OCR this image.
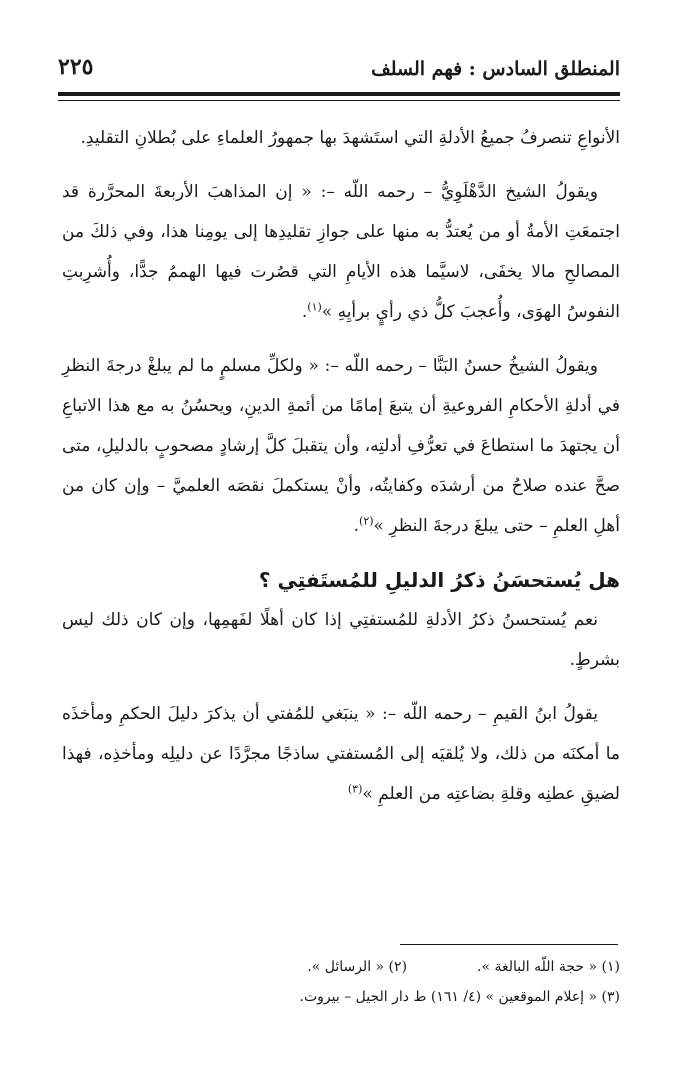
المنطلق السادس : فهم السلف
٢٢٥

الأنواعِ تنصرفُ جميعُ الأدلةِ التي استَشهدَ بها جمهورُ العلماءِ على بُطلانِ التقليدِ.

ويقولُ الشيخ الدَّهْلَوِيُّ – رحمه اللّه –: « إن المذاهبَ الأربعةَ المحرَّرة قد اجتمعَتِ الأمةُ أو من يُعتدُّ به منها على جوازِ تقليدِها إلى يومِنا هذا، وفي ذلكَ من المصالحِ مالا يخفَى، لاسيَّما هذه الأيامِ التي قصُرت فيها الهممُ جدًّا، وأُشرِبتِ النفوسُ الهوَى، وأُعجبَ كلُّ ذي رأيٍ برأيِهِ »$^{(١)}$.

ويقولُ الشيخُ حسنُ البَنَّا – رحمه اللّه –: « ولكلِّ مسلمٍ ما لم يبلغْ درجةَ النظرِ في أدلةِ الأحكامِ الفروعيةِ أن يتبعَ إمامًا من أئمةِ الدينِ، ويحسُنُ به مع هذا الاتباعِ أن يجتهدَ ما استطاعَ في تعرُّفِ أدلتِه، وأن يتقبلَ كلَّ إرشادٍ مصحوبٍ بالدليلِ، متى صحَّ عنده صلاحُ من أرشدَه وكفايتُه، وأنْ يستكملَ نقصَه العلميَّ – وإن كان من أهلِ العلمِ – حتى يبلغَ درجةَ النظرِ »$^{(٢)}$.

هل يُستحسَنُ ذكرُ الدليلِ للمُستَفتِي ؟

نعم يُستحسنُ ذكرُ الأدلةِ للمُستفتِي إذا كان أهلًا لفَهمِها، وإن كان ذلك ليس بشرطٍ.

يقولُ ابنُ القيمِ – رحمه اللّه –: « ينبَغي للمُفتي أن يذكرَ دليلَ الحكمِ ومأخذَه ما أمكنَه من ذلك، ولا يُلقيَه إلى المُستفتي ساذجًا مجرَّدًا عن دليلِه ومأخذِه، فهذا لضيقِ عطنِه وقلةِ بضاعتِه من العلمِ »$^{(٣)}$

(١) « حجة اللّه البالغة ».(٢) « الرسائل ».
(٣) « إعلام الموقعين » (٤/ ١٦١) ط دار الجيل – بيروت.
